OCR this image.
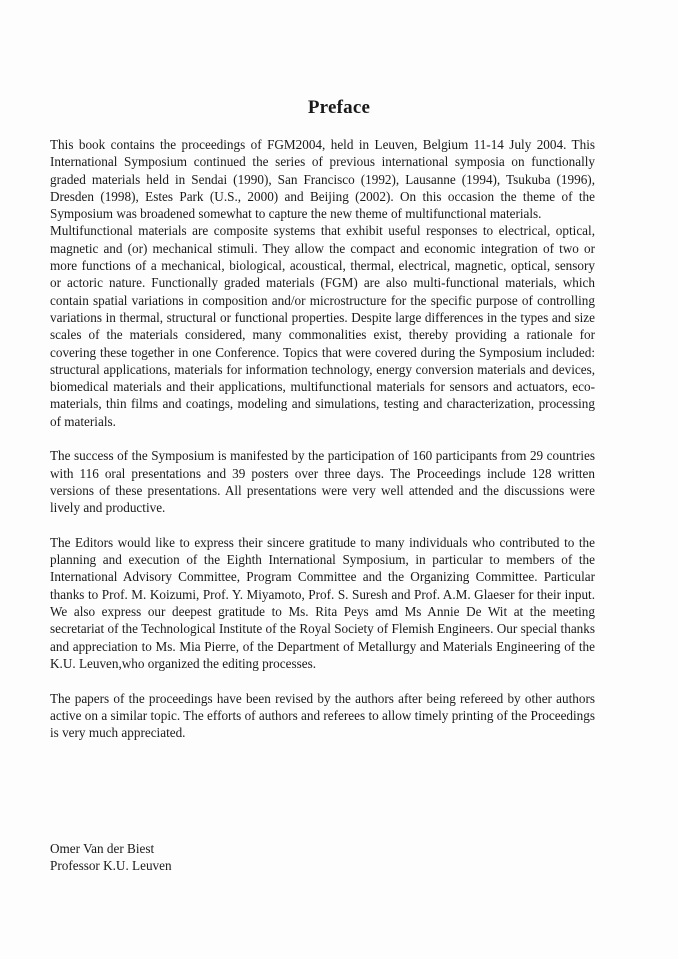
Preface

This book contains the proceedings of FGM2004, held in Leuven, Belgium 11-14 July 2004. This International Symposium continued the series of previous international symposia on functionally graded materials held in Sendai (1990), San Francisco (1992), Lausanne (1994), Tsukuba (1996), Dresden (1998), Estes Park (U.S., 2000) and Beijing (2002). On this occasion the theme of the Symposium was broadened somewhat to capture the new theme of multifunctional materials.

Multifunctional materials are composite systems that exhibit useful responses to electrical, optical, magnetic and (or) mechanical stimuli. They allow the compact and economic integration of two or more functions of a mechanical, biological, acoustical, thermal, electrical, magnetic, optical, sensory or actoric nature. Functionally graded materials (FGM) are also multi-functional materials, which contain spatial variations in composition and/or microstructure for the specific purpose of controlling variations in thermal, structural or functional properties. Despite large differences in the types and size scales of the materials considered, many commonalities exist, thereby providing a rationale for covering these together in one Conference. Topics that were covered during the Symposium included: structural applications, materials for information technology, energy conversion materials and devices, biomedical materials and their applications, multifunctional materials for sensors and actuators, eco-materials, thin films and coatings, modeling and simulations, testing and characterization, processing of materials.

The success of the Symposium is manifested by the participation of 160 participants from 29 countries with 116 oral presentations and 39 posters over three days. The Proceedings include 128 written versions of these presentations. All presentations were very well attended and the discussions were lively and productive.

The Editors would like to express their sincere gratitude to many individuals who contributed to the planning and execution of the Eighth International Symposium, in particular to members of the International Advisory Committee, Program Committee and the Organizing Committee. Particular thanks to Prof. M. Koizumi, Prof. Y. Miyamoto, Prof. S. Suresh and Prof. A.M. Glaeser for their input. We also express our deepest gratitude to Ms. Rita Peys amd Ms Annie De Wit at the meeting secretariat of the Technological Institute of the Royal Society of Flemish Engineers. Our special thanks and appreciation to Ms. Mia Pierre, of the Department of Metallurgy and Materials Engineering of the K.U. Leuven,who organized the editing processes.

The papers of the proceedings have been revised by the authors after being refereed by other authors active on a similar topic. The efforts of authors and referees to allow timely printing of the Proceedings is very much appreciated.

Omer Van der Biest
Professor K.U. Leuven
